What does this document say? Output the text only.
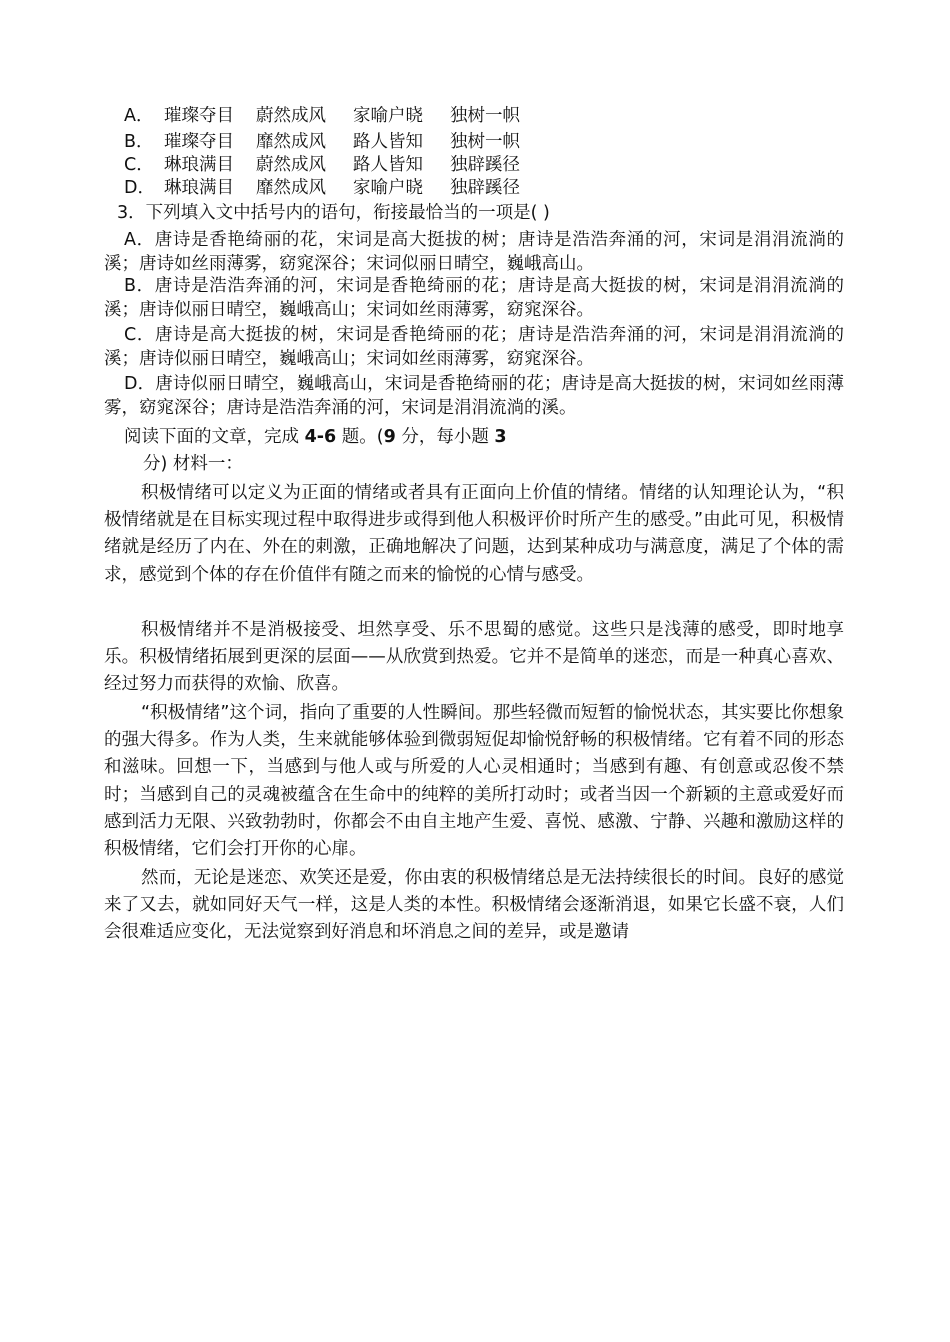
A． 璀璨夺目 蔚然成风 家喻户晓 独树一帜
B． 璀璨夺目 靡然成风 路人皆知 独树一帜
C． 琳琅满目 蔚然成风 路人皆知 独辟蹊径
D． 琳琅满目 靡然成风 家喻户晓 独辟蹊径
3．下列填入文中括号内的语句，衔接最恰当的一项是( )

A．唐诗是香艳绮丽的花，宋词是高大挺拔的树；唐诗是浩浩奔涌的河，宋词是涓涓流淌的溪；唐诗如丝雨薄雾，窈窕深谷；宋词似丽日晴空，巍峨高山。

B．唐诗是浩浩奔涌的河，宋词是香艳绮丽的花；唐诗是高大挺拔的树，宋词是涓涓流淌的溪；唐诗似丽日晴空，巍峨高山；宋词如丝雨薄雾，窈窕深谷。

C．唐诗是高大挺拔的树，宋词是香艳绮丽的花；唐诗是浩浩奔涌的河，宋词是涓涓流淌的溪；唐诗似丽日晴空，巍峨高山；宋词如丝雨薄雾，窈窕深谷。

D．唐诗似丽日晴空，巍峨高山，宋词是香艳绮丽的花；唐诗是高大挺拔的树，宋词如丝雨薄雾，窈窕深谷；唐诗是浩浩奔涌的河，宋词是涓涓流淌的溪。

阅读下面的文章，完成 4-6 题。(9 分，每小题 3
分) 材料一：

积极情绪可以定义为正面的情绪或者具有正面向上价值的情绪。情绪的认知理论认为，“积极情绪就是在目标实现过程中取得进步或得到他人积极评价时所产生的感受。”由此可见，积极情绪就是经历了内在、外在的刺激，正确地解决了问题，达到某种成功与满意度，满足了个体的需求，感觉到个体的存在价值伴有随之而来的愉悦的心情与感受。

积极情绪并不是消极接受、坦然享受、乐不思蜀的感觉。这些只是浅薄的感受，即时地享乐。积极情绪拓展到更深的层面——从欣赏到热爱。它并不是简单的迷恋，而是一种真心喜欢、经过努力而获得的欢愉、欣喜。

“积极情绪”这个词，指向了重要的人性瞬间。那些轻微而短暂的愉悦状态，其实要比你想象的强大得多。作为人类，生来就能够体验到微弱短促却愉悦舒畅的积极情绪。它有着不同的形态和滋味。回想一下，当感到与他人或与所爱的人心灵相通时；当感到有趣、有创意或忍俊不禁时；当感到自己的灵魂被蕴含在生命中的纯粹的美所打动时；或者当因一个新颖的主意或爱好而感到活力无限、兴致勃勃时，你都会不由自主地产生爱、喜悦、感激、宁静、兴趣和激励这样的积极情绪，它们会打开你的心扉。

然而，无论是迷恋、欢笑还是爱，你由衷的积极情绪总是无法持续很长的时间。良好的感觉来了又去，就如同好天气一样，这是人类的本性。积极情绪会逐渐消退，如果它长盛不衰，人们会很难适应变化，无法觉察到好消息和坏消息之间的差异，或是邀请
